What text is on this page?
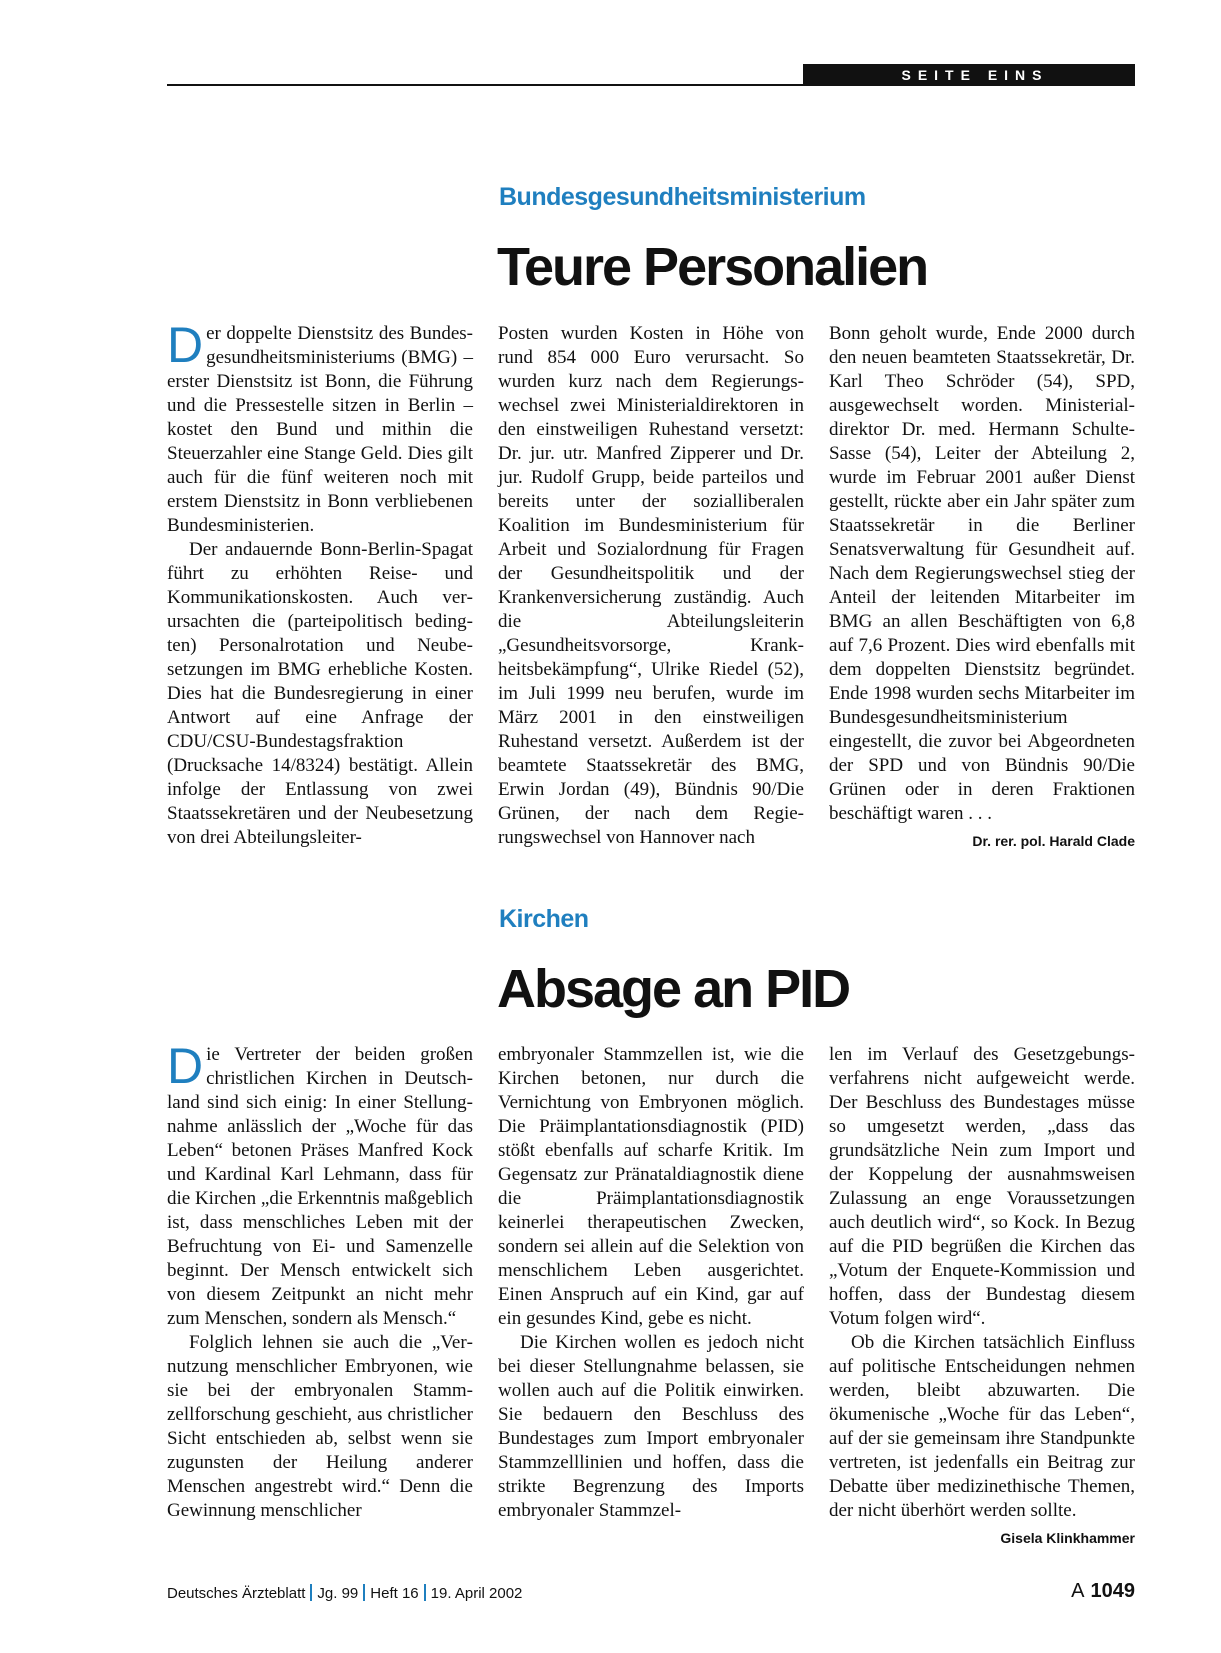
SEITE EINS
Bundesgesundheitsministerium
Teure Personalien

Der doppelte Dienstsitz des Bundesgesundheitsministeriums (BMG) – erster Dienstsitz ist Bonn, die Führung und die Pressestelle sitzen in Berlin – kostet den Bund und mithin die Steuerzahler eine Stange Geld. Dies gilt auch für die fünf weiteren noch mit erstem Dienstsitz in Bonn verbliebenen Bundesministerien.

Der andauernde Bonn-Berlin-Spagat führt zu erhöhten Reise- und Kommunikationskosten. Auch verursachten die (parteipolitisch bedingten) Personalrotation und Neubesetzungen im BMG erhebliche Kosten. Dies hat die Bundesregierung in einer Antwort auf eine Anfrage der CDU/CSU-Bundestagsfraktion (Drucksache 14/8324) bestätigt. Allein infolge der Entlassung von zwei Staatssekretären und der Neubesetzung von drei Abteilungsleiter-

Posten wurden Kosten in Höhe von rund 854 000 Euro verursacht. So wurden kurz nach dem Regierungswechsel zwei Ministerialdirektoren in den einstweiligen Ruhestand versetzt: Dr. jur. utr. Manfred Zipperer und Dr. jur. Rudolf Grupp, beide parteilos und bereits unter der sozialliberalen Koalition im Bundesministerium für Arbeit und Sozialordnung für Fragen der Gesundheitspolitik und der Krankenversicherung zuständig. Auch die Abteilungsleiterin „Gesundheitsvorsorge, Krankheitsbekämpfung“, Ulrike Riedel (52), im Juli 1999 neu berufen, wurde im März 2001 in den einstweiligen Ruhestand versetzt. Außerdem ist der beamtete Staatssekretär des BMG, Erwin Jordan (49), Bündnis 90/Die Grünen, der nach dem Regierungswechsel von Hannover nach

Bonn geholt wurde, Ende 2000 durch den neuen beamteten Staatssekretär, Dr. Karl Theo Schröder (54), SPD, ausgewechselt worden. Ministerialdirektor Dr. med. Hermann Schulte-Sasse (54), Leiter der Abteilung 2, wurde im Februar 2001 außer Dienst gestellt, rückte aber ein Jahr später zum Staatssekretär in die Berliner Senatsverwaltung für Gesundheit auf. Nach dem Regierungswechsel stieg der Anteil der leitenden Mitarbeiter im BMG an allen Beschäftigten von 6,8 auf 7,6 Prozent. Dies wird ebenfalls mit dem doppelten Dienstsitz begründet. Ende 1998 wurden sechs Mitarbeiter im Bundesgesundheitsministerium eingestellt, die zuvor bei Abgeordneten der SPD und von Bündnis 90/Die Grünen oder in deren Fraktionen beschäftigt waren . . .
Dr. rer. pol. Harald Clade

Kirchen
Absage an PID

Die Vertreter der beiden großen christlichen Kirchen in Deutschland sind sich einig: In einer Stellungnahme anlässlich der „Woche für das Leben“ betonen Präses Manfred Kock und Kardinal Karl Lehmann, dass für die Kirchen „die Erkenntnis maßgeblich ist, dass menschliches Leben mit der Befruchtung von Ei- und Samenzelle beginnt. Der Mensch entwickelt sich von diesem Zeitpunkt an nicht mehr zum Menschen, sondern als Mensch.“

Folglich lehnen sie auch die „Vernutzung menschlicher Embryonen, wie sie bei der embryonalen Stammzellforschung geschieht, aus christlicher Sicht entschieden ab, selbst wenn sie zugunsten der Heilung anderer Menschen angestrebt wird.“ Denn die Gewinnung menschlicher

embryonaler Stammzellen ist, wie die Kirchen betonen, nur durch die Vernichtung von Embryonen möglich. Die Präimplantationsdiagnostik (PID) stößt ebenfalls auf scharfe Kritik. Im Gegensatz zur Pränataldiagnostik diene die Präimplantationsdiagnostik keinerlei therapeutischen Zwecken, sondern sei allein auf die Selektion von menschlichem Leben ausgerichtet. Einen Anspruch auf ein Kind, gar auf ein gesundes Kind, gebe es nicht.

Die Kirchen wollen es jedoch nicht bei dieser Stellungnahme belassen, sie wollen auch auf die Politik einwirken. Sie bedauern den Beschluss des Bundestages zum Import embryonaler Stammzelllinien und hoffen, dass die strikte Begrenzung des Imports embryonaler Stammzel-

len im Verlauf des Gesetzgebungsverfahrens nicht aufgeweicht werde. Der Beschluss des Bundestages müsse so umgesetzt werden, „dass das grundsätzliche Nein zum Import und der Koppelung der ausnahmsweisen Zulassung an enge Voraussetzungen auch deutlich wird“, so Kock. In Bezug auf die PID begrüßen die Kirchen das „Votum der Enquete-Kommission und hoffen, dass der Bundestag diesem Votum folgen wird“.

Ob die Kirchen tatsächlich Einfluss auf politische Entscheidungen nehmen werden, bleibt abzuwarten. Die ökumenische „Woche für das Leben“, auf der sie gemeinsam ihre Standpunkte vertreten, ist jedenfalls ein Beitrag zur Debatte über medizinethische Themen, der nicht überhört werden sollte.
Gisela Klinkhammer

Deutsches Ärzteblatt Jg. 99 Heft 16 19. April 2002	A 1049
